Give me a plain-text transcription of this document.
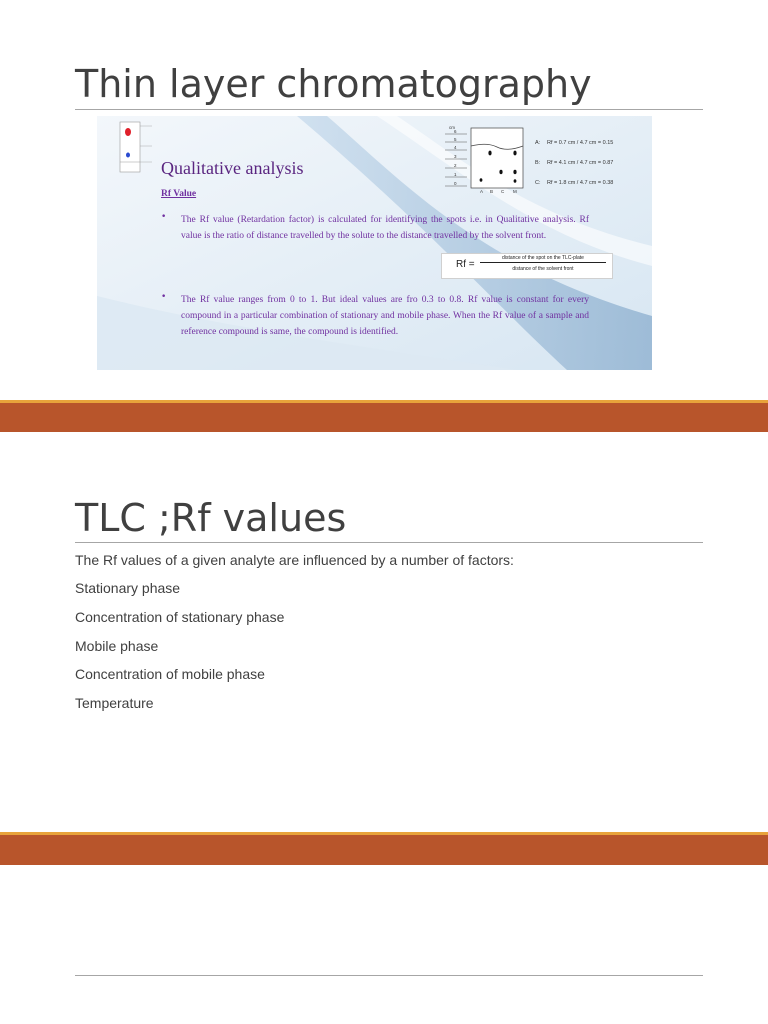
Thin layer chromatography
Qualitative analysis
Rf Value
• The Rf value (Retardation factor) is calculated for identifying the spots i.e. in Qualitative analysis. Rf value is the ratio of distance travelled by the solute to the distance travelled by the solvent front.
Rf =
distance of the spot on the TLC-plate
distance of the solvent front
• The Rf value ranges from 0 to 1. But ideal values are fro 0.3 to 0.8. Rf value is constant for every compound in a particular combination of stationary and mobile phase. When the Rf value of a sample and reference compound is same, the compound is identified.
A: Rf = 0.7 cm / 4.7 cm = 0.15
B: Rf = 4.1 cm / 4.7 cm = 0.87
C: Rf = 1.8 cm / 4.7 cm = 0.38
cm
6
5
4
3
2
1
0
A B C M
TLC ;Rf values

The Rf values of a given analyte are influenced by a number of factors:

Stationary phase

Concentration of stationary phase

Mobile phase

Concentration of mobile phase

Temperature
